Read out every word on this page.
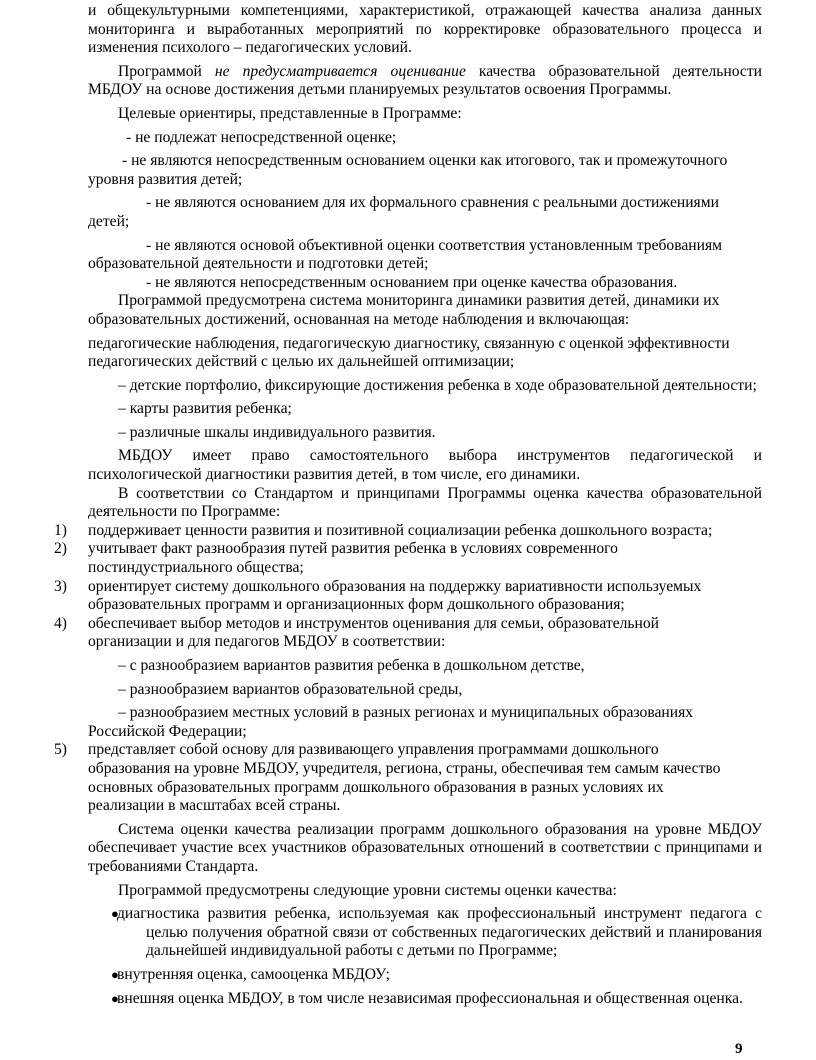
и общекультурными компетенциями, характеристикой, отражающей качества анализа данных мониторинга и выработанных мероприятий по корректировке образовательного процесса и изменения психолого – педагогических условий.

Программой не предусматривается оценивание качества образовательной деятельности МБДОУ на основе достижения детьми планируемых результатов освоения Программы.

Целевые ориентиры, представленные в Программе:

- не подлежат непосредственной оценке;

- не являются непосредственным основанием оценки как итогового, так и промежуточного уровня развития детей;

- не являются основанием для их формального сравнения с реальными достижениями детей;

- не являются основой объективной оценки соответствия установленным требованиям образовательной деятельности и подготовки детей;

- не являются непосредственным основанием при оценке качества образования.

Программой предусмотрена система мониторинга динамики развития детей, динамики их образовательных достижений, основанная на методе наблюдения и включающая:

педагогические наблюдения, педагогическую диагностику, связанную с оценкой эффективности педагогических действий с целью их дальнейшей оптимизации;

– детские портфолио, фиксирующие достижения ребенка в ходе образовательной деятельности;

– карты развития ребенка;

– различные шкалы индивидуального развития.

МБДОУ имеет право самостоятельного выбора инструментов педагогической и психологической диагностики развития детей, в том числе, его динамики.

В соответствии со Стандартом и принципами Программы оценка качества образовательной деятельности по Программе:

1) поддерживает ценности развития и позитивной социализации ребенка дошкольного возраста;

2) учитывает факт разнообразия путей развития ребенка в условиях современного постиндустриального общества;

3) ориентирует систему дошкольного образования на поддержку вариативности используемых образовательных программ и организационных форм дошкольного образования;

4) обеспечивает выбор методов и инструментов оценивания для семьи, образовательной организации и для педагогов МБДОУ в соответствии:

– с разнообразием вариантов развития ребенка в дошкольном детстве,

– разнообразием вариантов образовательной среды,

– разнообразием местных условий в разных регионах и муниципальных образованиях Российской Федерации;

5) представляет собой основу для развивающего управления программами дошкольного образования на уровне МБДОУ, учредителя, региона, страны, обеспечивая тем самым качество основных образовательных программ дошкольного образования в разных условиях их реализации в масштабах всей страны.

Система оценки качества реализации программ дошкольного образования на уровне МБДОУ обеспечивает участие всех участников образовательных отношений в соответствии с принципами и требованиями Стандарта.

Программой предусмотрены следующие уровни системы оценки качества:

●
диагностика развития ребенка, используемая как профессиональный инструмент педагога с целью получения обратной связи от собственных педагогических действий и планирования дальнейшей индивидуальной работы с детьми по Программе;
●
внутренняя оценка, самооценка МБДОУ;
●
внешняя оценка МБДОУ, в том числе независимая профессиональная и общественная оценка.
9
